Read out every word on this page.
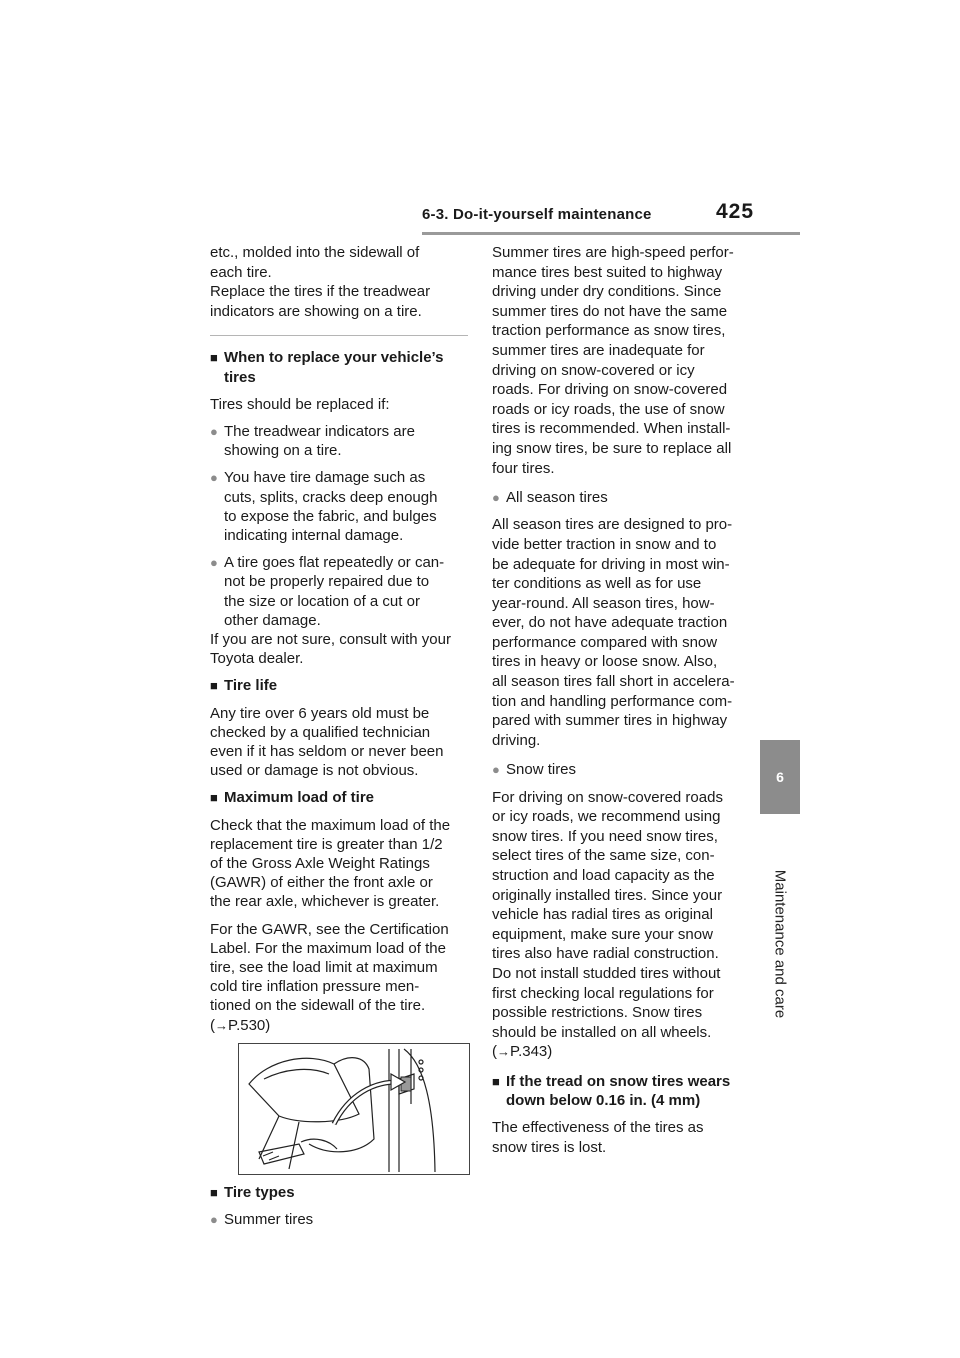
6-3. Do-it-yourself maintenance	425
6
Maintenance and care

etc., molded into the sidewall of

each tire.

Replace the tires if the treadwear

indicators are showing on a tire.

■ When to replace your vehicle’s

tires

Tires should be replaced if:

● The treadwear indicators are

showing on a tire.

● You have tire damage such as

cuts, splits, cracks deep enough

to expose the fabric, and bulges

indicating internal damage.

● A tire goes flat repeatedly or can-

not be properly repaired due to

the size or location of a cut or

other damage.

If you are not sure, consult with your

Toyota dealer.

■ Tire life

Any tire over 6 years old must be

checked by a qualified technician

even if it has seldom or never been

used or damage is not obvious.

■ Maximum load of tire

Check that the maximum load of the

replacement tire is greater than 1/2

of the Gross Axle Weight Ratings

(GAWR) of either the front axle or

the rear axle, whichever is greater.

For the GAWR, see the Certification

Label. For the maximum load of the

tire, see the load limit at maximum

cold tire inflation pressure men-

tioned on the sidewall of the tire.

(→P.530)

■ Tire types

● Summer tires

Summer tires are high-speed perfor-

mance tires best suited to highway

driving under dry conditions. Since

summer tires do not have the same

traction performance as snow tires,

summer tires are inadequate for

driving on snow-covered or icy

roads. For driving on snow-covered

roads or icy roads, the use of snow

tires is recommended. When install-

ing snow tires, be sure to replace all

four tires.

● All season tires

All season tires are designed to pro-

vide better traction in snow and to

be adequate for driving in most win-

ter conditions as well as for use

year-round. All season tires, how-

ever, do not have adequate traction

performance compared with snow

tires in heavy or loose snow. Also,

all season tires fall short in accelera-

tion and handling performance com-

pared with summer tires in highway

driving.

● Snow tires

For driving on snow-covered roads

or icy roads, we recommend using

snow tires. If you need snow tires,

select tires of the same size, con-

struction and load capacity as the

originally installed tires. Since your

vehicle has radial tires as original

equipment, make sure your snow

tires also have radial construction.

Do not install studded tires without

first checking local regulations for

possible restrictions. Snow tires

should be installed on all wheels.

(→P.343)

■ If the tread on snow tires wears

down below 0.16 in. (4 mm)

The effectiveness of the tires as

snow tires is lost.
